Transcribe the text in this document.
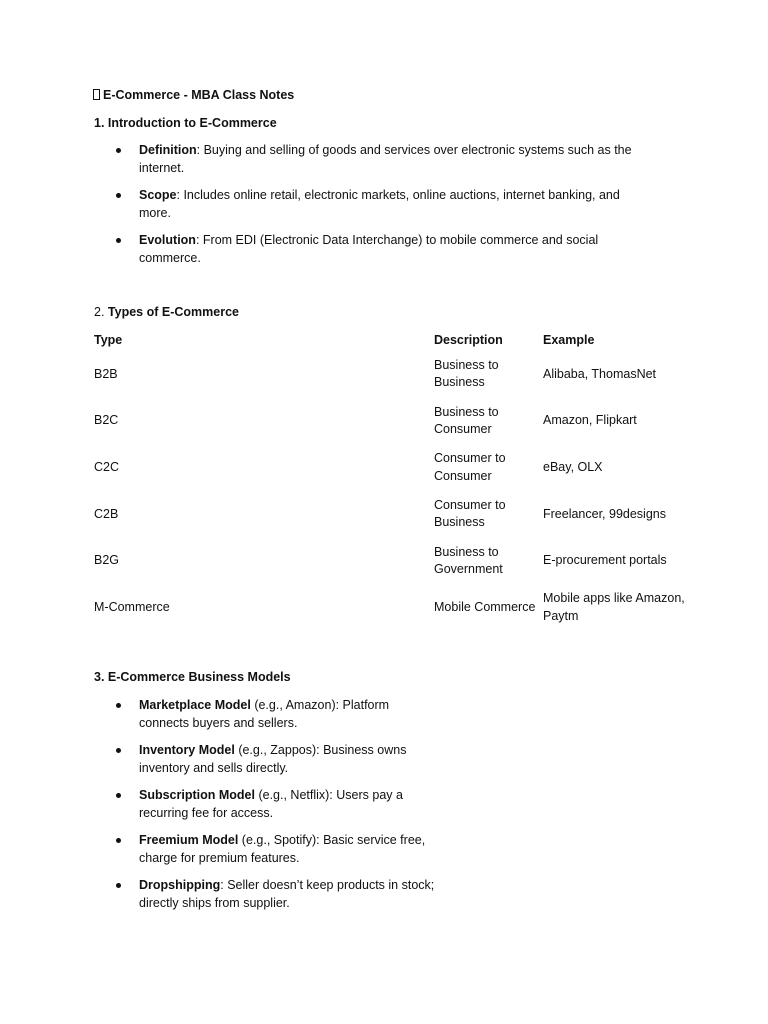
E-Commerce - MBA Class Notes
1. Introduction to E-Commerce
Definition: Buying and selling of goods and services over electronic systems such as the internet.
Scope: Includes online retail, electronic markets, online auctions, internet banking, and more.
Evolution: From EDI (Electronic Data Interchange) to mobile commerce and social commerce.
2. Types of E-Commerce
Type	Description	Example
B2B	Business to Business	Alibaba, ThomasNet
B2C	Business to Consumer	Amazon, Flipkart
C2C	Consumer to Consumer	eBay, OLX
C2B	Consumer to Business	Freelancer, 99designs
B2G	Business to Government	E-procurement portals
M-Commerce	Mobile Commerce	Mobile apps like Amazon, Paytm
3. E-Commerce Business Models
Marketplace Model (e.g., Amazon): Platform connects buyers and sellers.
Inventory Model (e.g., Zappos): Business owns inventory and sells directly.
Subscription Model (e.g., Netflix): Users pay a recurring fee for access.
Freemium Model (e.g., Spotify): Basic service free, charge for premium features.
Dropshipping: Seller doesn’t keep products in stock; directly ships from supplier.
